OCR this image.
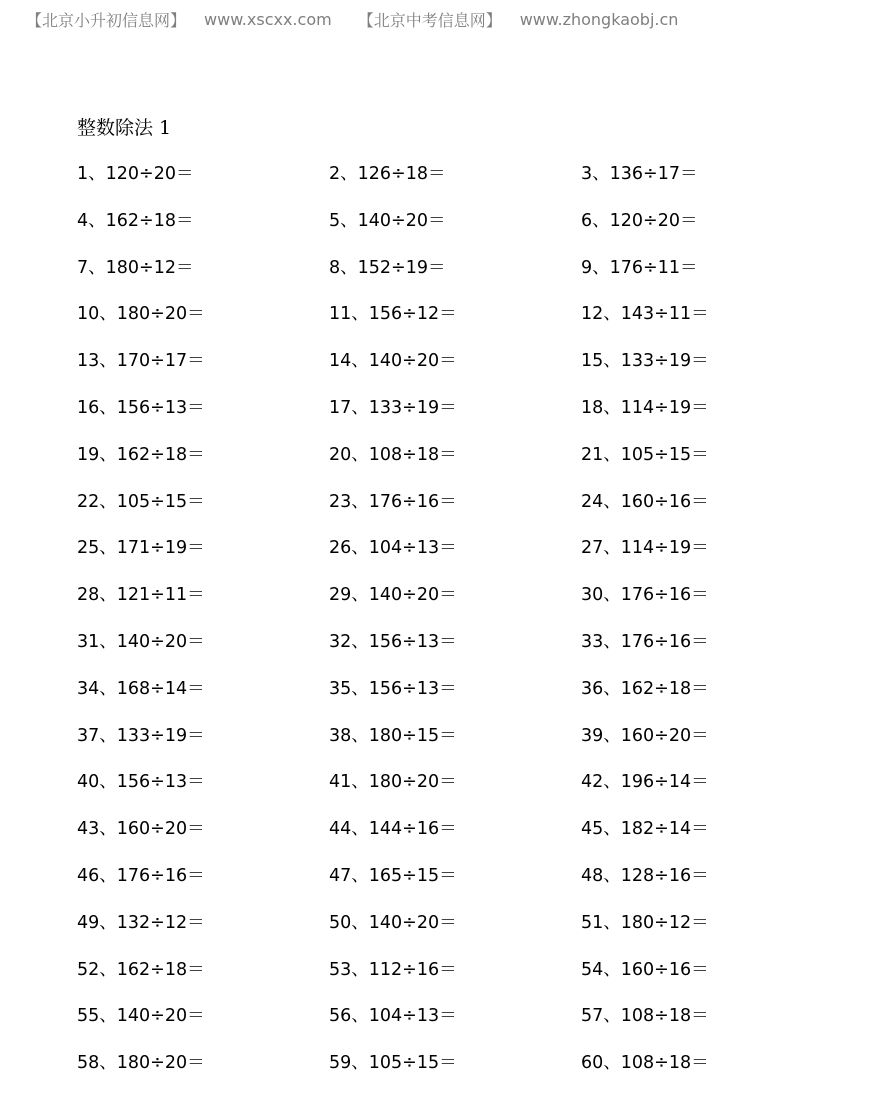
【北京小升初信息网】 www.xscxx.com 【北京中考信息网】 www.zhongkaobj.cn
整数除法 1
1、120÷20＝	2、126÷18＝	3、136÷17＝
4、162÷18＝	5、140÷20＝	6、120÷20＝
7、180÷12＝	8、152÷19＝	9、176÷11＝
10、180÷20＝	11、156÷12＝	12、143÷11＝
13、170÷17＝	14、140÷20＝	15、133÷19＝
16、156÷13＝	17、133÷19＝	18、114÷19＝
19、162÷18＝	20、108÷18＝	21、105÷15＝
22、105÷15＝	23、176÷16＝	24、160÷16＝
25、171÷19＝	26、104÷13＝	27、114÷19＝
28、121÷11＝	29、140÷20＝	30、176÷16＝
31、140÷20＝	32、156÷13＝	33、176÷16＝
34、168÷14＝	35、156÷13＝	36、162÷18＝
37、133÷19＝	38、180÷15＝	39、160÷20＝
40、156÷13＝	41、180÷20＝	42、196÷14＝
43、160÷20＝	44、144÷16＝	45、182÷14＝
46、176÷16＝	47、165÷15＝	48、128÷16＝
49、132÷12＝	50、140÷20＝	51、180÷12＝
52、162÷18＝	53、112÷16＝	54、160÷16＝
55、140÷20＝	56、104÷13＝	57、108÷18＝
58、180÷20＝	59、105÷15＝	60、108÷18＝
